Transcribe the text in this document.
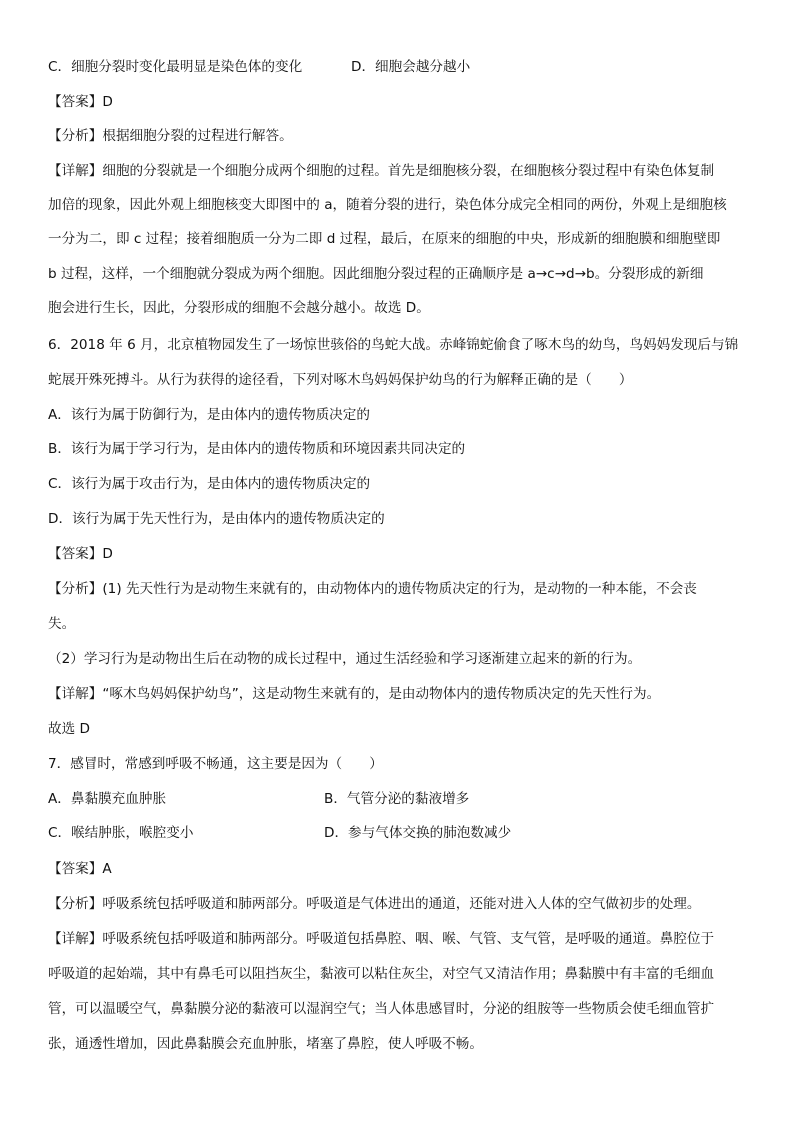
C．细胞分裂时变化最明显是染色体的变化	D．细胞会越分越小
【答案】D
【分析】根据细胞分裂的过程进行解答。
【详解】细胞的分裂就是一个细胞分成两个细胞的过程。首先是细胞核分裂，在细胞核分裂过程中有染色体复制
加倍的现象，因此外观上细胞核变大即图中的 a，随着分裂的进行，染色体分成完全相同的两份，外观上是细胞核
一分为二，即 c 过程；接着细胞质一分为二即 d 过程，最后，在原来的细胞的中央，形成新的细胞膜和细胞壁即
b 过程，这样，一个细胞就分裂成为两个细胞。因此细胞分裂过程的正确顺序是 a→c→d→b。分裂形成的新细
胞会进行生长，因此，分裂形成的细胞不会越分越小。故选 D。
6．2018 年 6 月，北京植物园发生了一场惊世骇俗的鸟蛇大战。赤峰锦蛇偷食了啄木鸟的幼鸟，鸟妈妈发现后与锦
蛇展开殊死搏斗。从行为获得的途径看，下列对啄木鸟妈妈保护幼鸟的行为解释正确的是（　　）
A．该行为属于防御行为，是由体内的遗传物质决定的
B．该行为属于学习行为，是由体内的遗传物质和环境因素共同决定的
C．该行为属于攻击行为，是由体内的遗传物质决定的
D．该行为属于先天性行为，是由体内的遗传物质决定的
【答案】D
【分析】(1) 先天性行为是动物生来就有的，由动物体内的遗传物质决定的行为，是动物的一种本能，不会丧
失。
（2）学习行为是动物出生后在动物的成长过程中，通过生活经验和学习逐渐建立起来的新的行为。
【详解】“啄木鸟妈妈保护幼鸟”，这是动物生来就有的，是由动物体内的遗传物质决定的先天性行为。
故选 D
7．感冒时，常感到呼吸不畅通，这主要是因为（　　）
A．鼻黏膜充血肿胀	B．气管分泌的黏液增多
C．喉结肿胀，喉腔变小	D．参与气体交换的肺泡数减少
【答案】A
【分析】呼吸系统包括呼吸道和肺两部分。呼吸道是气体进出的通道，还能对进入人体的空气做初步的处理。
【详解】呼吸系统包括呼吸道和肺两部分。呼吸道包括鼻腔、咽、喉、气管、支气管，是呼吸的通道。鼻腔位于
呼吸道的起始端，其中有鼻毛可以阻挡灰尘，黏液可以粘住灰尘，对空气又清洁作用；鼻黏膜中有丰富的毛细血
管，可以温暖空气，鼻黏膜分泌的黏液可以湿润空气；当人体患感冒时，分泌的组胺等一些物质会使毛细血管扩
张，通透性增加，因此鼻黏膜会充血肿胀，堵塞了鼻腔，使人呼吸不畅。
